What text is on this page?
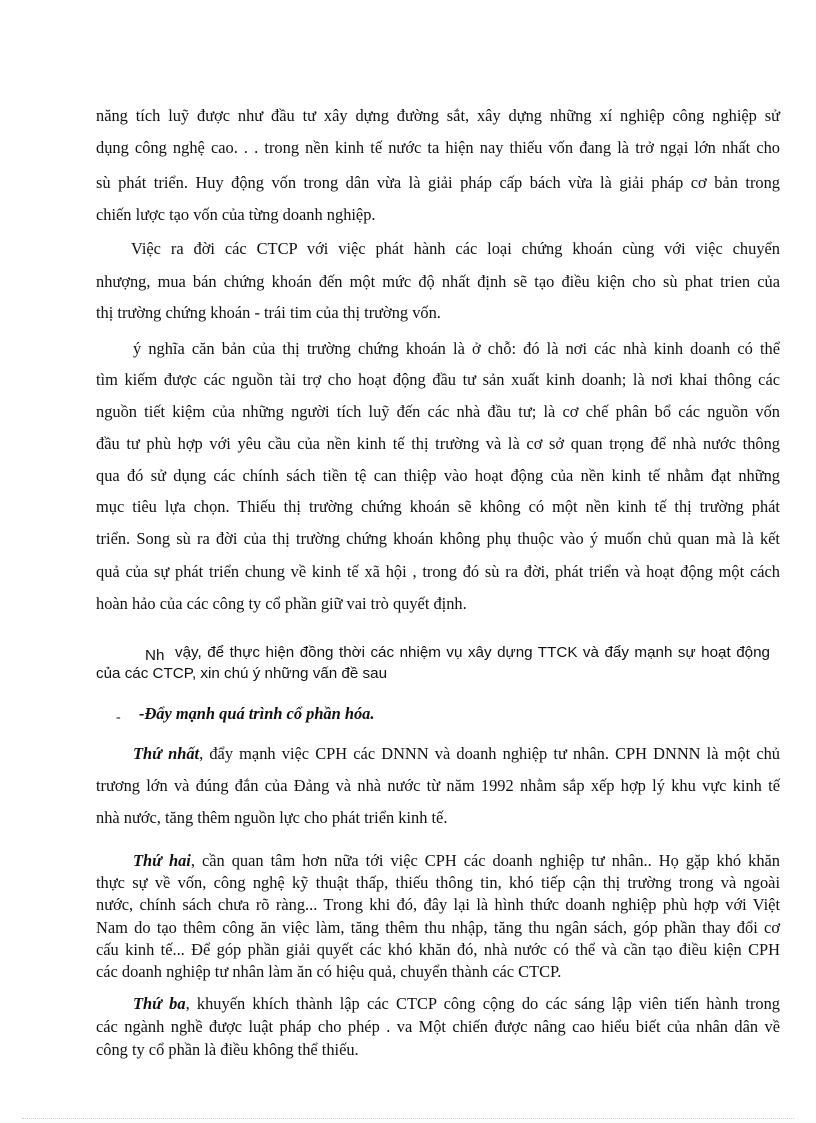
năng tích luỹ được như đầu tư xây dựng đường sắt, xây dựng những xí nghiệp công nghiệp sử
dụng công nghệ cao. . . trong nền kinh tế nước ta hiện nay thiếu vốn đang là trở ngại lớn nhất cho
sù phát triển. Huy động vốn trong dân vừa là giải pháp cấp bách vừa là giải pháp cơ bản trong
chiến lược tạo vốn của từng doanh nghiệp.
Việc ra đời các CTCP với việc phát hành các loại chứng khoán cùng với việc chuyển
nhượng, mua bán chứng khoán đến một mức độ nhất định sẽ tạo điều kiện cho sù phat trien của
thị trường chứng khoán - trái tim của thị trường vốn.
ý nghĩa căn bản của thị trường chứng khoán là ở chỗ: đó là nơi các nhà kinh doanh có thể
tìm kiếm được các nguồn tài trợ cho hoạt động đầu tư sản xuất kinh doanh; là nơi khai thông các
nguồn tiết kiệm của những người tích luỹ đến các nhà đầu tư; là cơ chế phân bổ các nguồn vốn
đầu tư phù hợp với yêu cầu của nền kinh tế thị trường và là cơ sở quan trọng để nhà nước thông
qua đó sử dụng các chính sách tiền tệ can thiệp vào hoạt động của nền kinh tế nhằm đạt những
mục tiêu lựa chọn. Thiếu thị trường chứng khoán sẽ không có một nền kinh tế thị trường phát
triển. Song sù ra đời của thị trường chứng khoán không phụ thuộc vào ý muốn chủ quan mà là kết
quả của sự phát triển chung về kinh tế xã hội , trong đó sù ra đời, phát triển và hoạt động một cách
hoàn hảo của các công ty cổ phần giữ vai trò quyết định.
Nh vậy, để thực hiện đồng thời các nhiệm vụ xây dựng TTCK và đẩy mạnh sự hoạt động
của các CTCP, xin chú ý những vấn đề sau
-	-Đẩy mạnh quá trình cổ phần hóa.
Thứ nhất, đẩy mạnh việc CPH các DNNN và doanh nghiệp tư nhân. CPH DNNN là một chủ
trương lớn và đúng đắn của Đảng và nhà nước từ năm 1992 nhằm sắp xếp hợp lý khu vực kinh tế
nhà nước, tăng thêm nguồn lực cho phát triển kinh tế.
Thứ hai, cần quan tâm hơn nữa tới việc CPH các doanh nghiệp tư nhân.. Họ gặp khó khăn
thực sự về vốn, công nghệ kỹ thuật thấp, thiếu thông tin, khó tiếp cận thị trường trong và ngoài
nước, chính sách chưa rõ ràng... Trong khi đó, đây lại là hình thức doanh nghiệp phù hợp với Việt
Nam do tạo thêm công ăn việc làm, tăng thêm thu nhập, tăng thu ngân sách, góp phần thay đổi cơ
cấu kinh tế... Để góp phần giải quyết các khó khăn đó, nhà nước có thể và cần tạo điều kiện CPH
các doanh nghiệp tư nhân làm ăn có hiệu quả, chuyển thành các CTCP.
Thứ ba, khuyến khích thành lập các CTCP công cộng do các sáng lập viên tiến hành trong
các ngành nghề được luật pháp cho phép . va Một chiến được nâng cao hiểu biết của nhân dân về
công ty cổ phần là điều không thể thiếu.
